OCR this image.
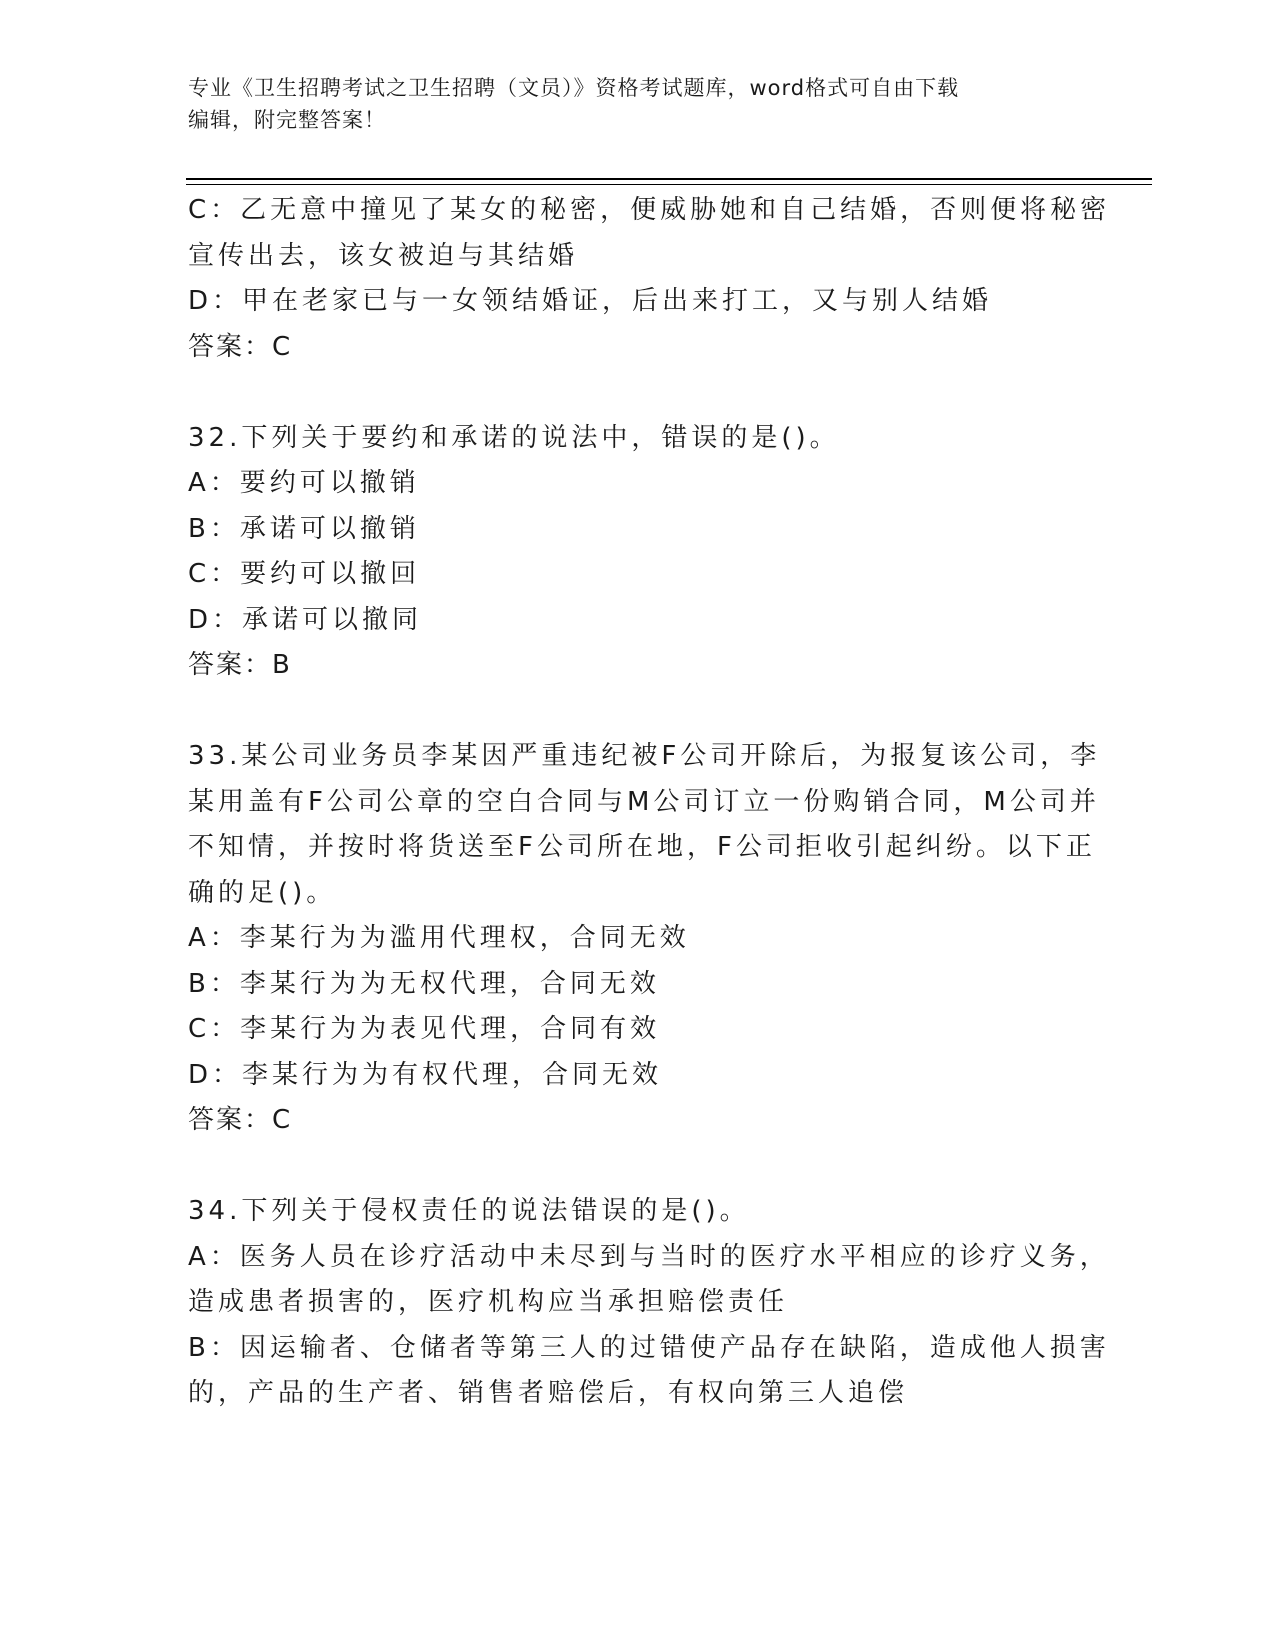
专业《卫生招聘考试之卫生招聘（文员）》资格考试题库，word格式可自由下载
编辑，附完整答案！
C：乙无意中撞见了某女的秘密，便威胁她和自己结婚，否则便将秘密
宣传出去，该女被迫与其结婚
D：甲在老家已与一女领结婚证，后出来打工，又与别人结婚
答案：C
32.下列关于要约和承诺的说法中，错误的是()。
A：要约可以撤销
B：承诺可以撤销
C：要约可以撤回
D：承诺可以撤同
答案：B
33.某公司业务员李某因严重违纪被F公司开除后，为报复该公司，李
某用盖有F公司公章的空白合同与M公司订立一份购销合同，M公司并
不知情，并按时将货送至F公司所在地，F公司拒收引起纠纷。以下正
确的足()。
A：李某行为为滥用代理权，合同无效
B：李某行为为无权代理，合同无效
C：李某行为为表见代理，合同有效
D：李某行为为有权代理，合同无效
答案：C
34.下列关于侵权责任的说法错误的是()。
A：医务人员在诊疗活动中未尽到与当时的医疗水平相应的诊疗义务，
造成患者损害的，医疗机构应当承担赔偿责任
B：因运输者、仓储者等第三人的过错使产品存在缺陷，造成他人损害
的，产品的生产者、销售者赔偿后，有权向第三人追偿
